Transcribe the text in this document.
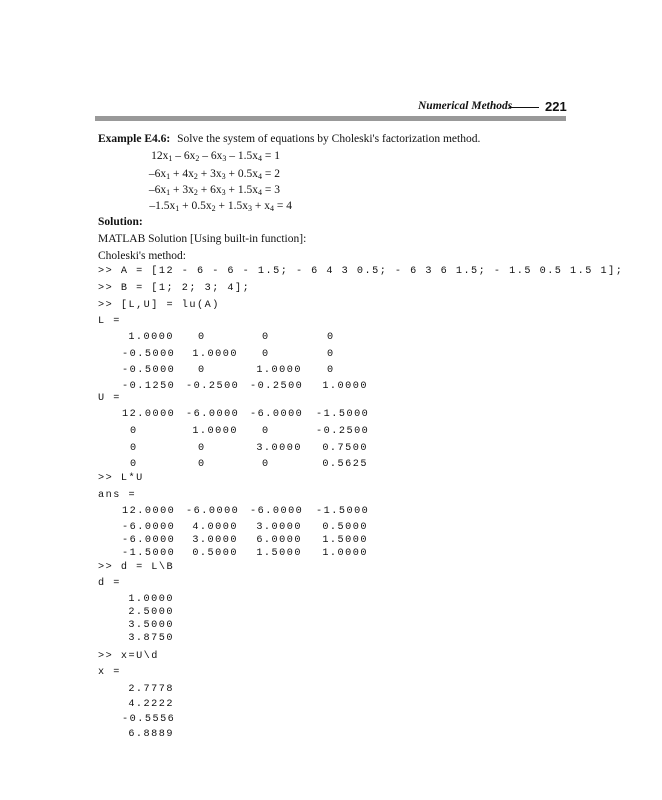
Numerical Methods	221
Example E4.6: Solve the system of equations by Choleski's factorization method.
$12x_1 - 6x_2 - 6x_3 - 1.5x_4 = 1$
$-6x_1 + 4x_2 + 3x_3 + 0.5x_4 = 2$
$-6x_1 + 3x_2 + 6x_3 + 1.5x_4 = 3$
$-1.5x_1 + 0.5x_2 + 1.5x_3 + x_4 = 4$
Solution:
MATLAB Solution [Using built-in function]:
Choleski's method:
>> A = [12 - 6 - 6 - 1.5; - 6 4 3 0.5; - 6 3 6 1.5; - 1.5 0.5 1.5 1];
>> B = [1; 2; 3; 4];
>> [L,U] = lu(A)
L =
1.0000 0	0	0
-0.5000	1.0000 0	0
-0.5000 0	1.0000 0
-0.1250 -0.2500 -0.2500	1.0000
U =
12.0000 -6.0000 -6.0000 -1.5000
0	1.0000 0	-0.2500
0	0	3.0000	0.7500
0	0	0	0.5625
>> L*U
ans =
12.0000 -6.0000 -6.0000 -1.5000
-6.0000	4.0000	3.0000	0.5000
-6.0000	3.0000	6.0000	1.5000
-1.5000	0.5000	1.5000	1.0000
>> d = L\B
d =
1.0000
2.5000
3.5000
3.8750
>> x=U\d
x =
2.7778
4.2222
-0.5556
6.8889
